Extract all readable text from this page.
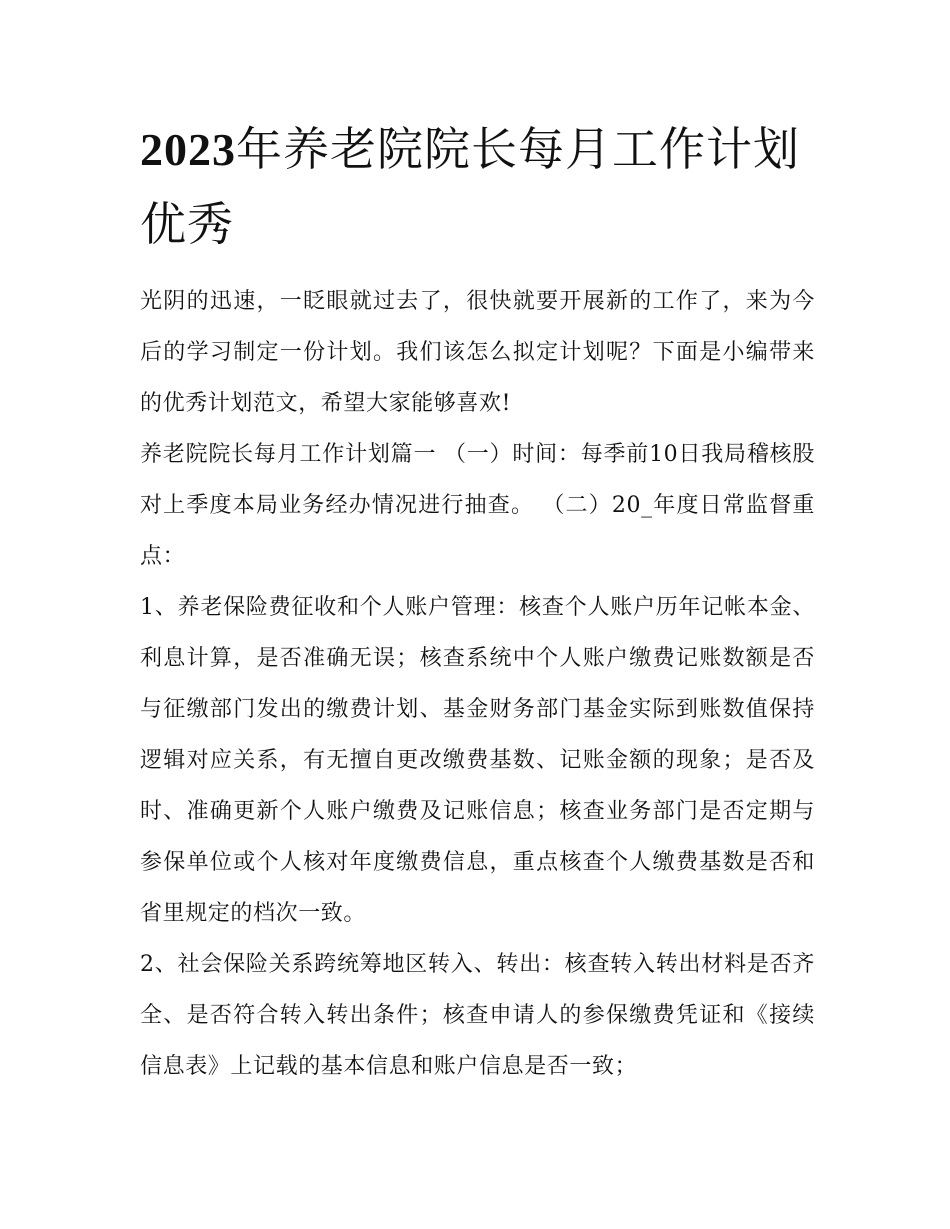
2023年养老院院长每月工作计划优秀

光阴的迅速，一眨眼就过去了，很快就要开展新的工作了，来为今后的学习制定一份计划。我们该怎么拟定计划呢？下面是小编带来的优秀计划范文，希望大家能够喜欢!

养老院院长每月工作计划篇一 （一）时间：每季前10日我局稽核股对上季度本局业务经办情况进行抽查。 （二）20_年度日常监督重点：

1、养老保险费征收和个人账户管理：核查个人账户历年记帐本金、利息计算，是否准确无误；核查系统中个人账户缴费记账数额是否与征缴部门发出的缴费计划、基金财务部门基金实际到账数值保持逻辑对应关系，有无擅自更改缴费基数、记账金额的现象；是否及时、准确更新个人账户缴费及记账信息；核查业务部门是否定期与参保单位或个人核对年度缴费信息，重点核查个人缴费基数是否和省里规定的档次一致。

2、社会保险关系跨统筹地区转入、转出：核查转入转出材料是否齐全、是否符合转入转出条件；核查申请人的参保缴费凭证和《接续信息表》上记载的基本信息和账户信息是否一致；
